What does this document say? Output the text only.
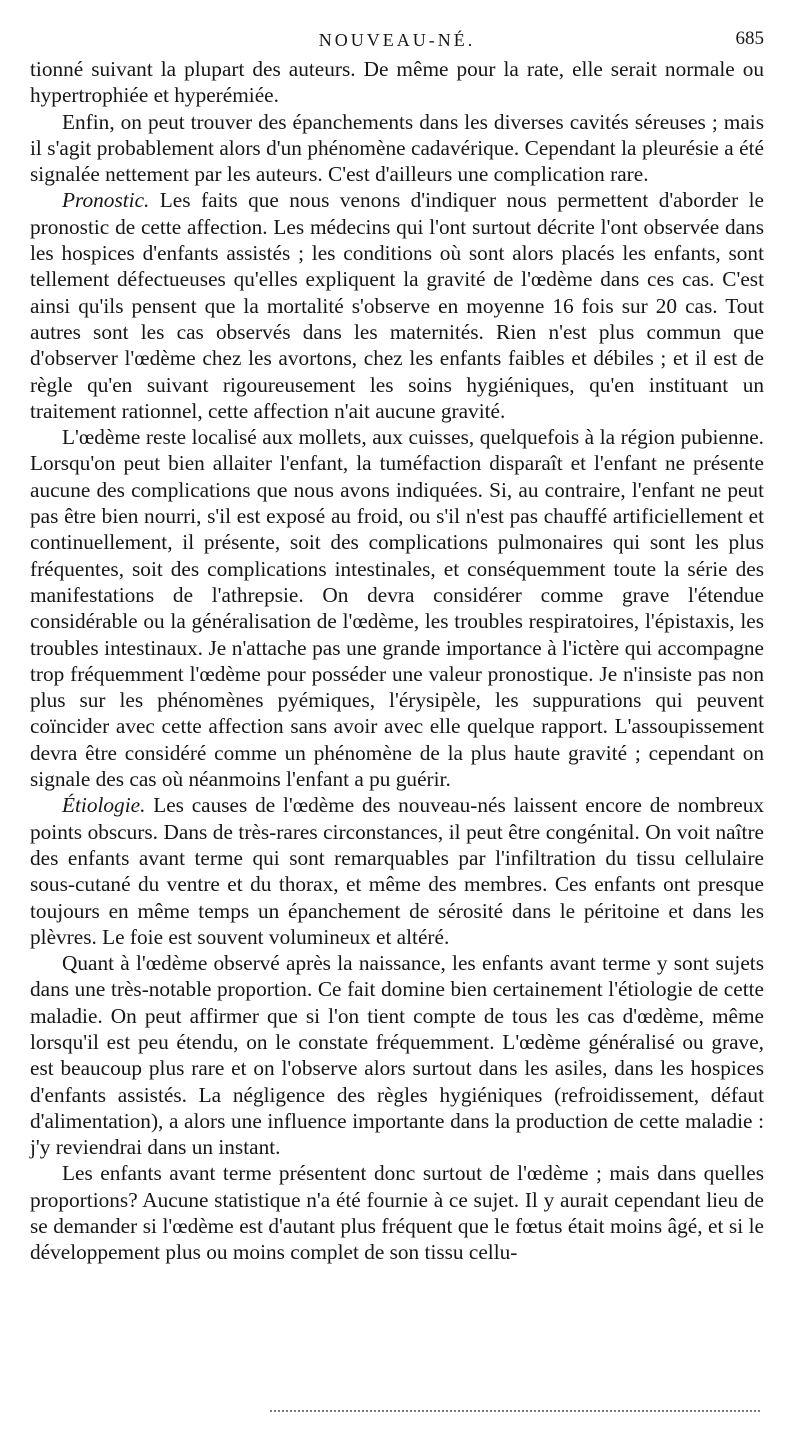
NOUVEAU-NÉ.	685

tionné suivant la plupart des auteurs. De même pour la rate, elle serait normale ou hypertrophiée et hyperémiée.

Enfin, on peut trouver des épanchements dans les diverses cavités séreuses ; mais il s'agit probablement alors d'un phénomène cadavérique. Cependant la pleurésie a été signalée nettement par les auteurs. C'est d'ailleurs une complication rare.

Pronostic. Les faits que nous venons d'indiquer nous permettent d'aborder le pronostic de cette affection. Les médecins qui l'ont surtout décrite l'ont observée dans les hospices d'enfants assistés ; les conditions où sont alors placés les enfants, sont tellement défectueuses qu'elles expliquent la gravité de l'œdème dans ces cas. C'est ainsi qu'ils pensent que la mortalité s'observe en moyenne 16 fois sur 20 cas. Tout autres sont les cas observés dans les maternités. Rien n'est plus commun que d'observer l'œdème chez les avortons, chez les enfants faibles et débiles ; et il est de règle qu'en suivant rigoureusement les soins hygiéniques, qu'en instituant un traitement rationnel, cette affection n'ait aucune gravité.

L'œdème reste localisé aux mollets, aux cuisses, quelquefois à la région pubienne. Lorsqu'on peut bien allaiter l'enfant, la tuméfaction disparaît et l'enfant ne présente aucune des complications que nous avons indiquées. Si, au contraire, l'enfant ne peut pas être bien nourri, s'il est exposé au froid, ou s'il n'est pas chauffé artificiellement et continuellement, il présente, soit des complications pulmonaires qui sont les plus fréquentes, soit des complications intestinales, et conséquemment toute la série des manifestations de l'athrepsie. On devra considérer comme grave l'étendue considérable ou la généralisation de l'œdème, les troubles respiratoires, l'épistaxis, les troubles intestinaux. Je n'attache pas une grande importance à l'ictère qui accompagne trop fréquemment l'œdème pour posséder une valeur pronostique. Je n'insiste pas non plus sur les phénomènes pyémiques, l'érysipèle, les suppurations qui peuvent coïncider avec cette affection sans avoir avec elle quelque rapport. L'assoupissement devra être considéré comme un phénomène de la plus haute gravité ; cependant on signale des cas où néanmoins l'enfant a pu guérir.

Étiologie. Les causes de l'œdème des nouveau-nés laissent encore de nombreux points obscurs. Dans de très-rares circonstances, il peut être congénital. On voit naître des enfants avant terme qui sont remarquables par l'infiltration du tissu cellulaire sous-cutané du ventre et du thorax, et même des membres. Ces enfants ont presque toujours en même temps un épanchement de sérosité dans le péritoine et dans les plèvres. Le foie est souvent volumineux et altéré.

Quant à l'œdème observé après la naissance, les enfants avant terme y sont sujets dans une très-notable proportion. Ce fait domine bien certainement l'étiologie de cette maladie. On peut affirmer que si l'on tient compte de tous les cas d'œdème, même lorsqu'il est peu étendu, on le constate fréquemment. L'œdème généralisé ou grave, est beaucoup plus rare et on l'observe alors surtout dans les asiles, dans les hospices d'enfants assistés. La négligence des règles hygiéniques (refroidissement, défaut d'alimentation), a alors une influence importante dans la production de cette maladie : j'y reviendrai dans un instant.

Les enfants avant terme présentent donc surtout de l'œdème ; mais dans quelles proportions? Aucune statistique n'a été fournie à ce sujet. Il y aurait cependant lieu de se demander si l'œdème est d'autant plus fréquent que le fœtus était moins âgé, et si le développement plus ou moins complet de son tissu cellu-
